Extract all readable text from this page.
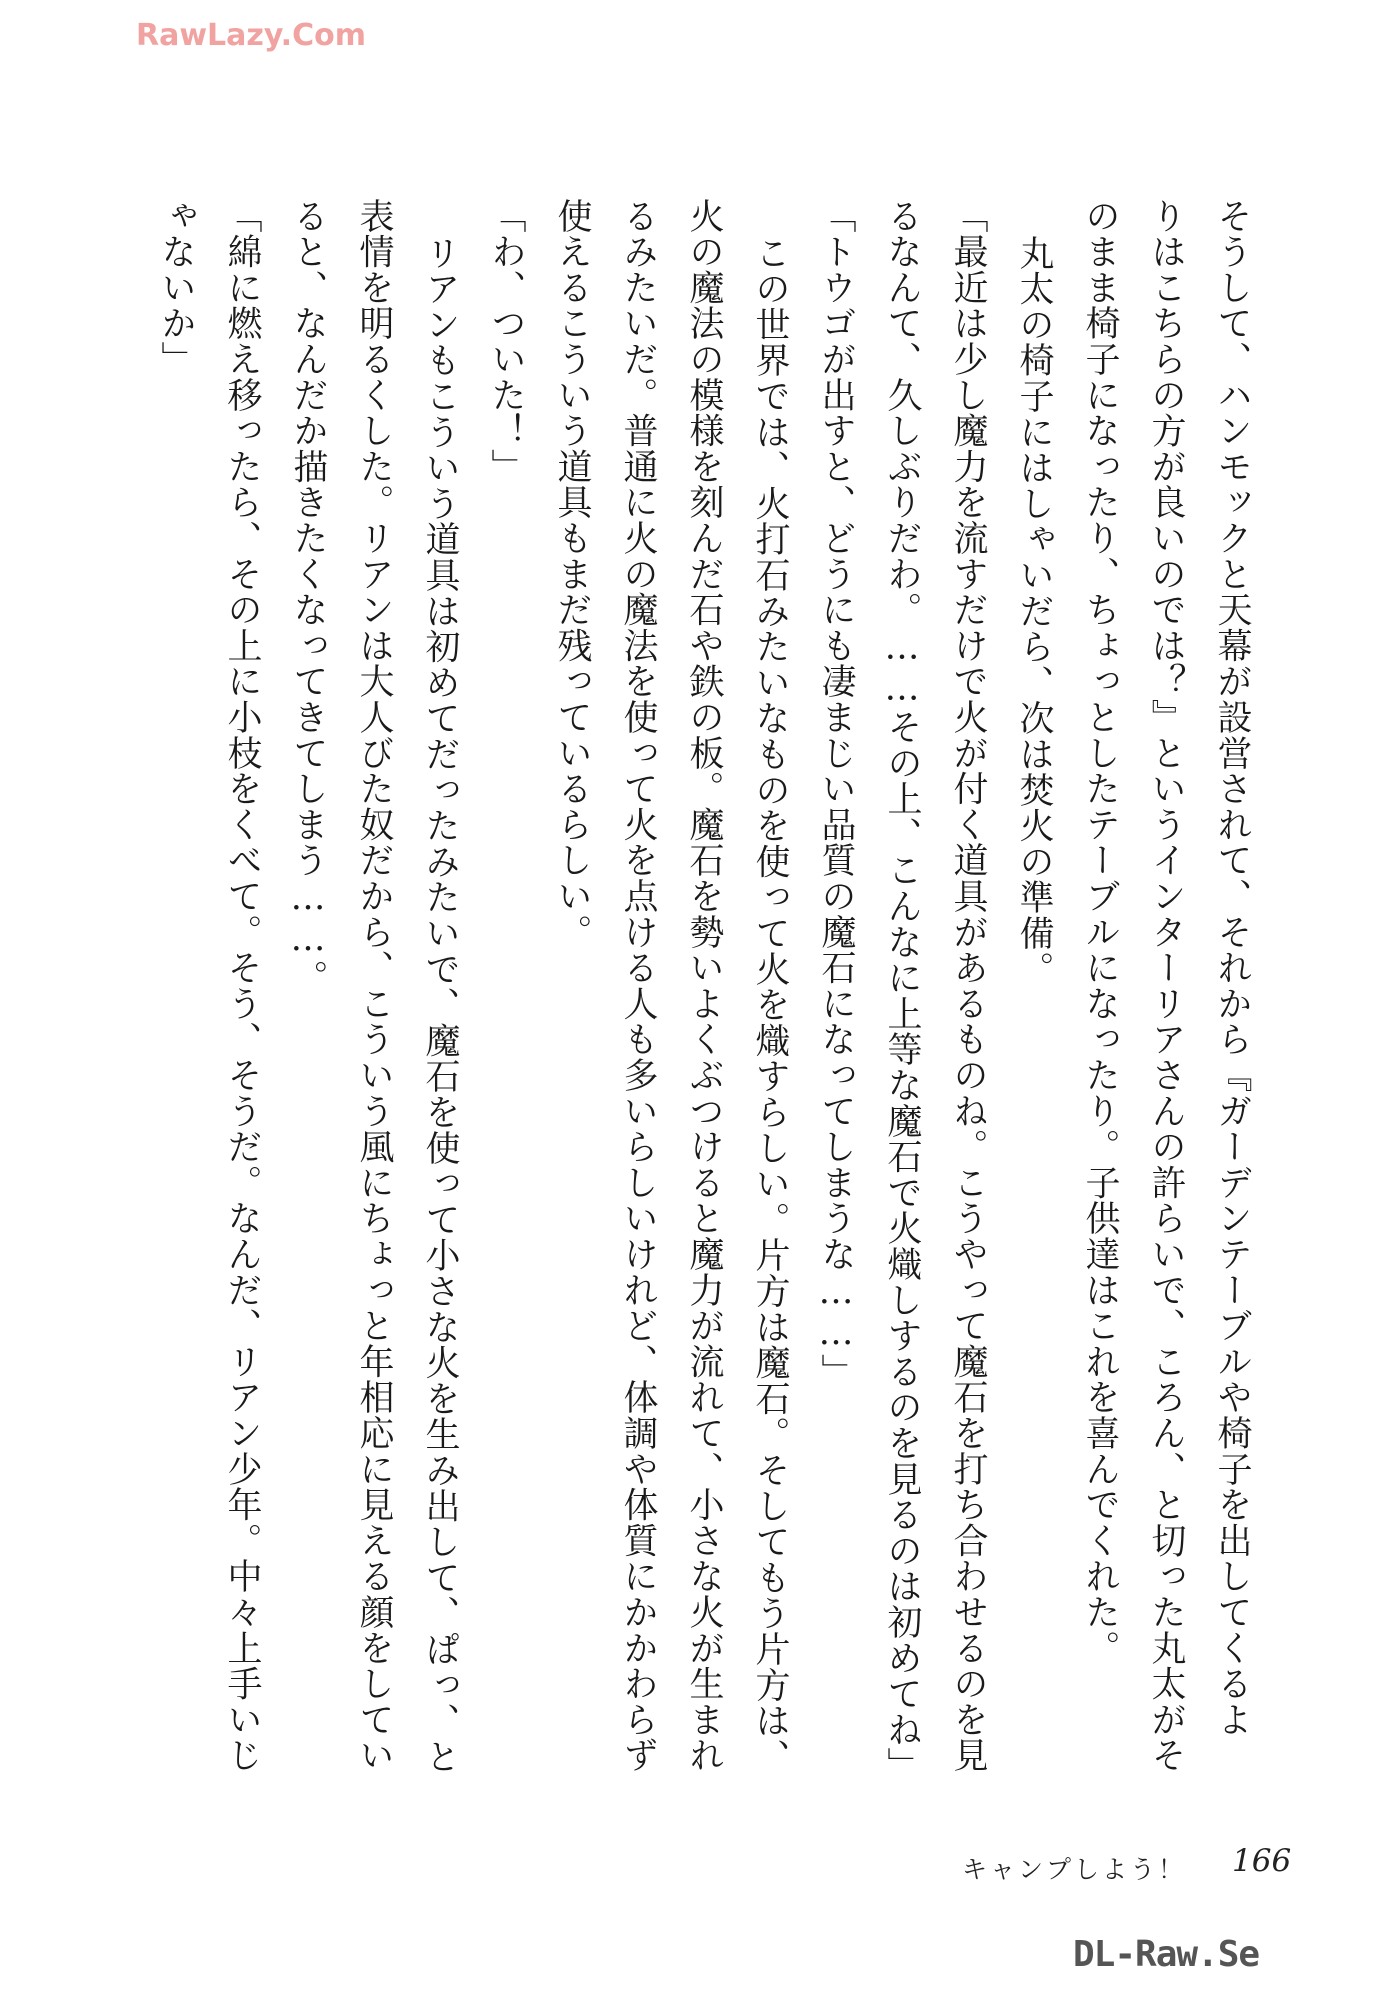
RawLazy.Com
そうして、ハンモックと天幕が設営されて、それから『ガーデンテーブルや椅子を出してくるよ
りはこちらの方が良いのでは？』というインターリアさんの許らいで、ころん、と切った丸太がそ
のまま椅子になったり、ちょっとしたテーブルになったり。子供達はこれを喜んでくれた。
丸太の椅子にはしゃいだら、次は焚火の準備。
「最近は少し魔力を流すだけで火が付く道具があるものね。こうやって魔石を打ち合わせるのを見
るなんて、久しぶりだわ。……その上、こんなに上等な魔石で火熾しするのを見るのは初めてね」
「トウゴが出すと、どうにも凄まじい品質の魔石になってしまうな……」
この世界では、火打石みたいなものを使って火を熾すらしい。片方は魔石。そしてもう片方は、
火の魔法の模様を刻んだ石や鉄の板。魔石を勢いよくぶつけると魔力が流れて、小さな火が生まれ
るみたいだ。普通に火の魔法を使って火を点ける人も多いらしいけれど、体調や体質にかかわらず
使えるこういう道具もまだ残っているらしい。
「わ、ついた！」
リアンもこういう道具は初めてだったみたいで、魔石を使って小さな火を生み出して、ぱっ、と
表情を明るくした。リアンは大人びた奴だから、こういう風にちょっと年相応に見える顔をしてい
ると、なんだか描きたくなってきてしまう……。
「綿に燃え移ったら、その上に小枝をくべて。そう、そうだ。なんだ、リアン少年。中々上手いじ
ゃないか」
キャンプしよう！ 166
DL-Raw.Se
